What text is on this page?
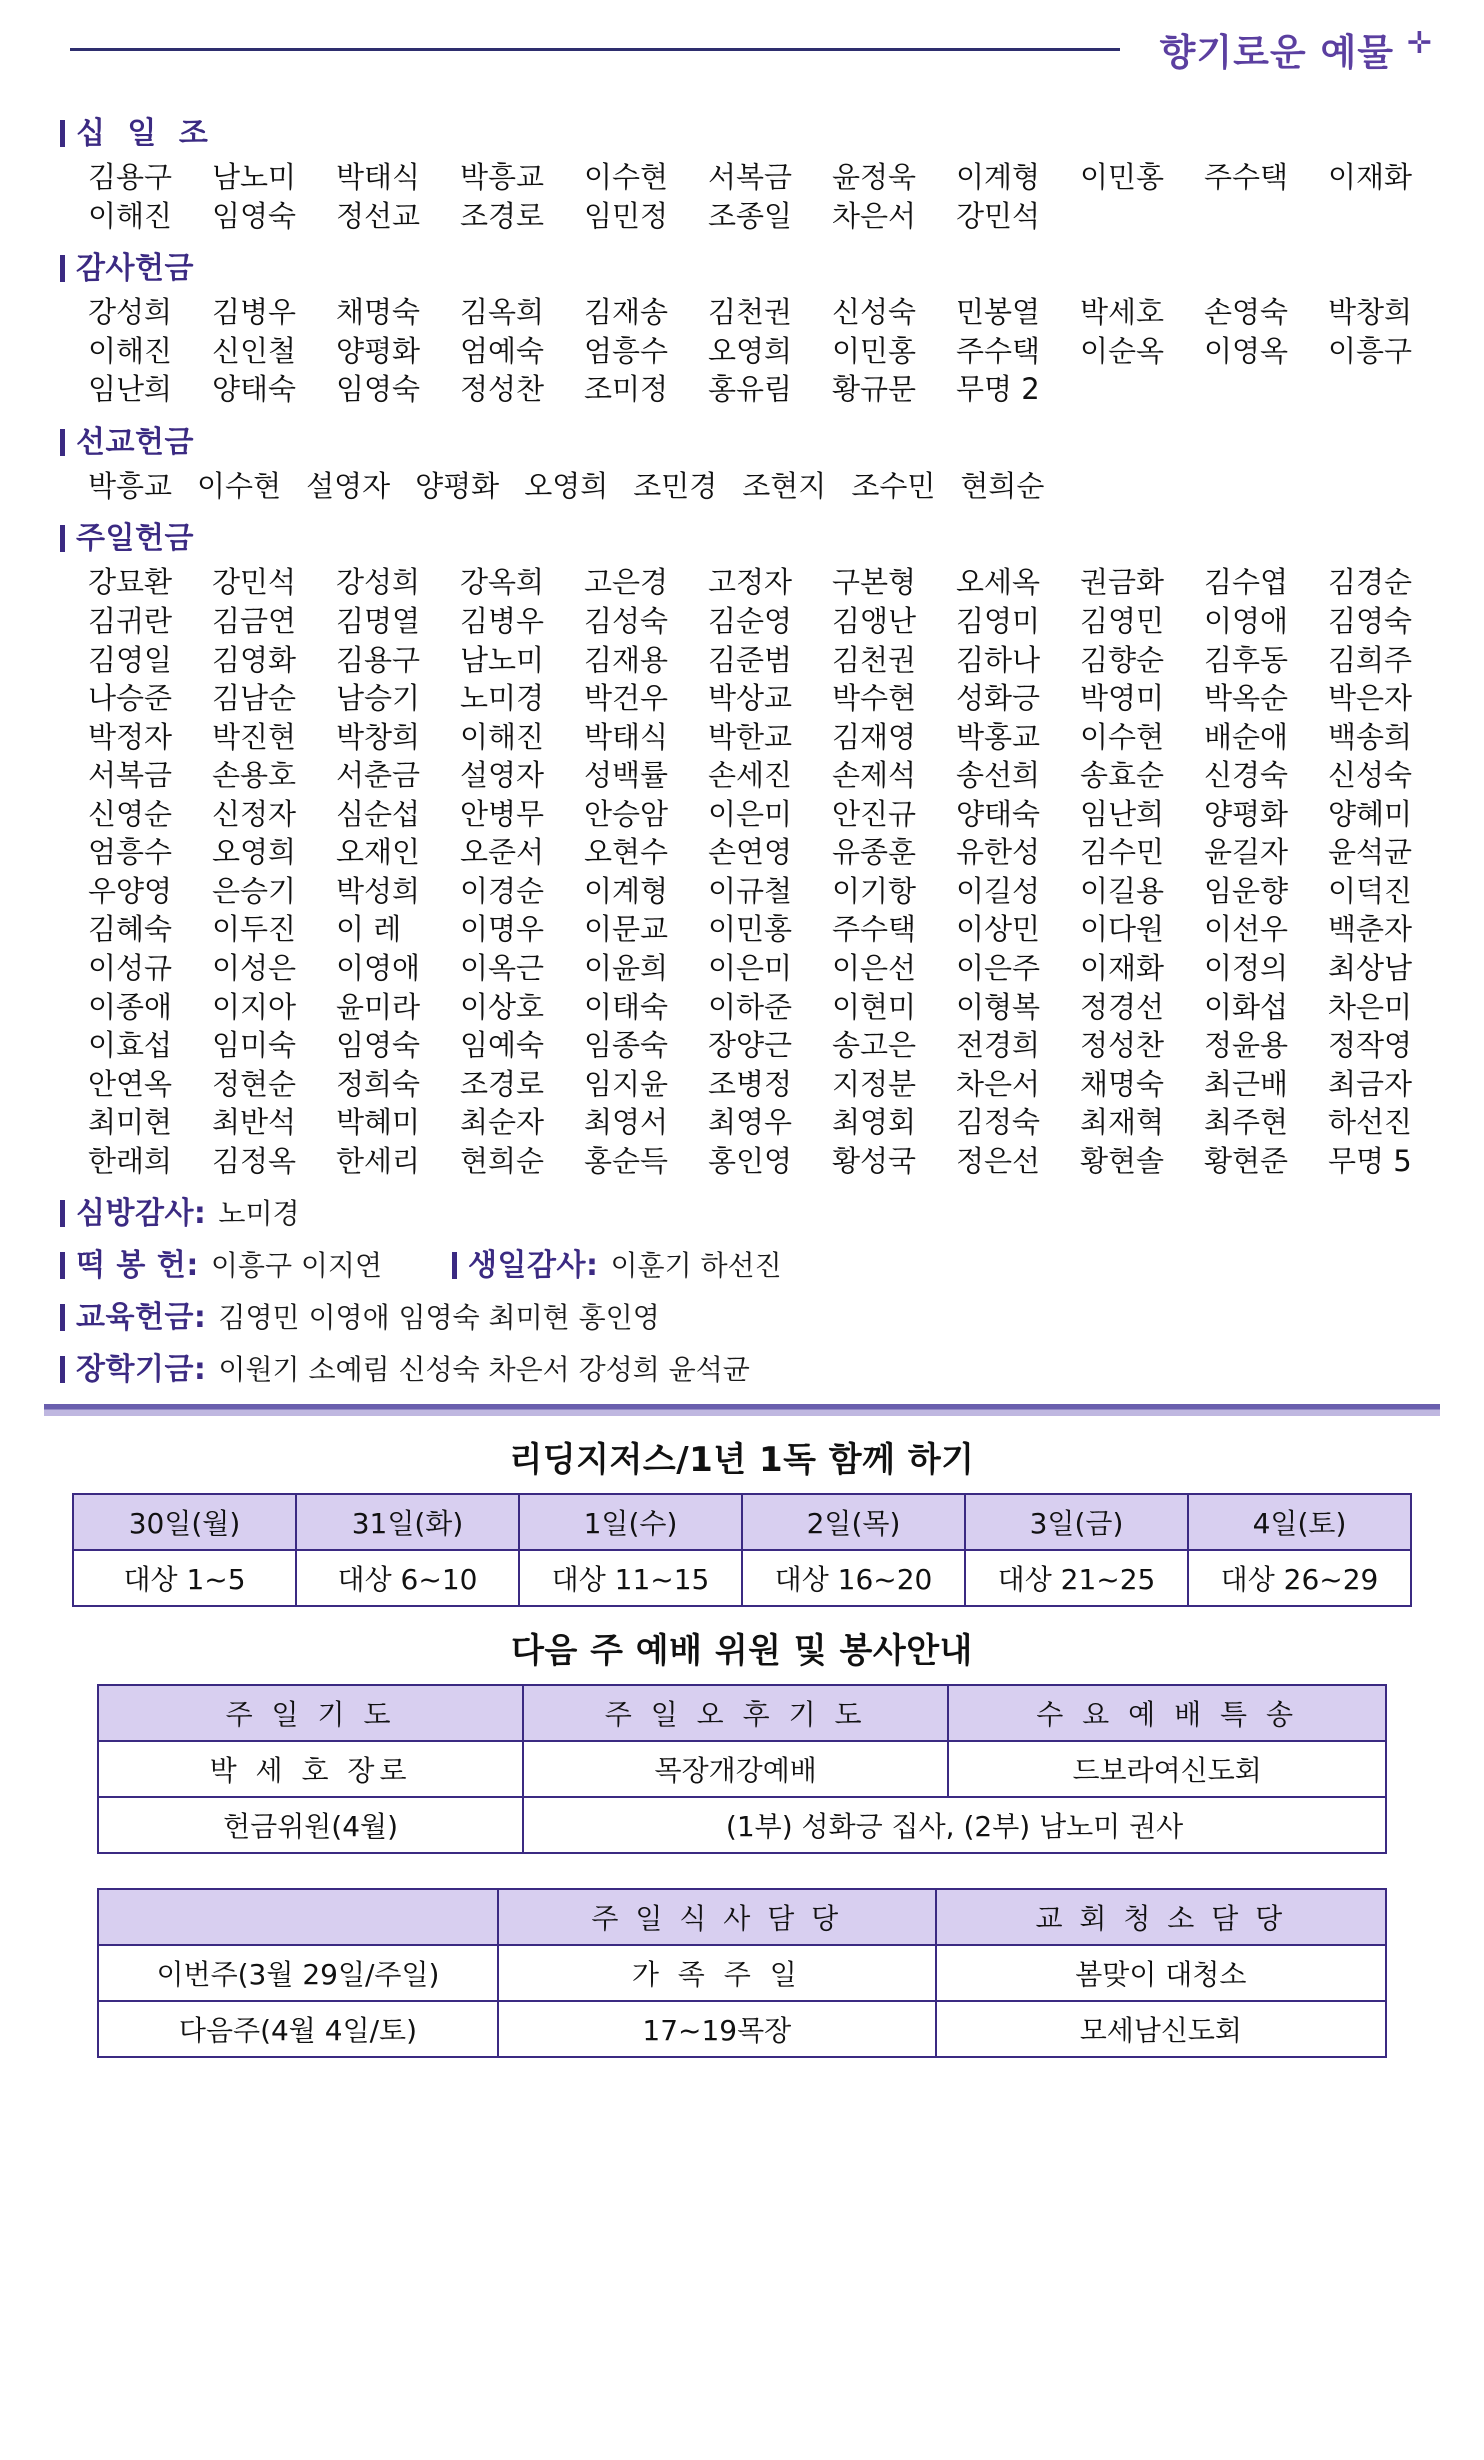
향기로운 예물 ✛
십 일 조
김용구	남노미	박태식	박흥교	이수현	서복금	윤정욱	이계형	이민홍	주수택	이재화
이해진	임영숙	정선교	조경로	임민정	조종일	차은서	강민석
감사헌금
강성희	김병우	채명숙	김옥희	김재송	김천권	신성숙	민봉열	박세호	손영숙	박창희
이해진	신인철	양평화	엄예숙	엄흥수	오영희	이민홍	주수택	이순옥	이영옥	이흥구
임난희	양태숙	임영숙	정성찬	조미정	홍유림	황규문	무명 2
선교헌금
박흥교 이수현 설영자 양평화 오영희 조민경 조현지 조수민 현희순
주일헌금
강묘환	강민석	강성희	강옥희	고은경	고정자	구본형	오세옥	권금화	김수엽	김경순
김귀란	김금연	김명열	김병우	김성숙	김순영	김앵난	김영미	김영민	이영애	김영숙
김영일	김영화	김용구	남노미	김재용	김준범	김천권	김하나	김향순	김후동	김희주
나승준	김남순	남승기	노미경	박건우	박상교	박수현	성화긍	박영미	박옥순	박은자
박정자	박진현	박창희	이해진	박태식	박한교	김재영	박홍교	이수현	배순애	백송희
서복금	손용호	서춘금	설영자	성백률	손세진	손제석	송선희	송효순	신경숙	신성숙
신영순	신정자	심순섭	안병무	안승암	이은미	안진규	양태숙	임난희	양평화	양혜미
엄흥수	오영희	오재인	오준서	오현수	손연영	유종훈	유한성	김수민	윤길자	윤석균
우양영	은승기	박성희	이경순	이계형	이규철	이기항	이길성	이길용	임운향	이덕진
김혜숙	이두진	이 레	이명우	이문교	이민홍	주수택	이상민	이다원	이선우	백춘자
이성규	이성은	이영애	이옥근	이윤희	이은미	이은선	이은주	이재화	이정의	최상남
이종애	이지아	윤미라	이상호	이태숙	이하준	이현미	이형복	정경선	이화섭	차은미
이효섭	임미숙	임영숙	임예숙	임종숙	장양근	송고은	전경희	정성찬	정윤용	정작영
안연옥	정현순	정희숙	조경로	임지윤	조병정	지정분	차은서	채명숙	최근배	최금자
최미현	최반석	박혜미	최순자	최영서	최영우	최영회	김정숙	최재혁	최주현	하선진
한래희	김정옥	한세리	현희순	홍순득	홍인영	황성국	정은선	황현솔	황현준	무명 5
심방감사 : 노미경
떡 봉 헌 : 이흥구 이지연	생일감사 : 이훈기 하선진
교육헌금 : 김영민 이영애 임영숙 최미현 홍인영
장학기금 : 이원기 소예림 신성숙 차은서 강성희 윤석균
리딩지저스/1년 1독 함께 하기
30일(월)	31일(화)	1일(수)	2일(목)	3일(금)	4일(토)
대상 1~5	대상 6~10	대상 11~15	대상 16~20	대상 21~25	대상 26~29
다음 주 예배 위원 및 봉사안내
주 일 기 도	주 일 오 후 기 도	수 요 예 배 특 송
박 세 호 장로	목장개강예배	드보라여신도회
헌금위원(4월)	(1부) 성화긍 집사, (2부) 남노미 권사	
	주 일 식 사 담 당	교 회 청 소 담 당
이번주(3월 29일/주일)	가 족 주 일	봄맞이 대청소
다음주(4월 4일/토)	17~19목장	모세남신도회
